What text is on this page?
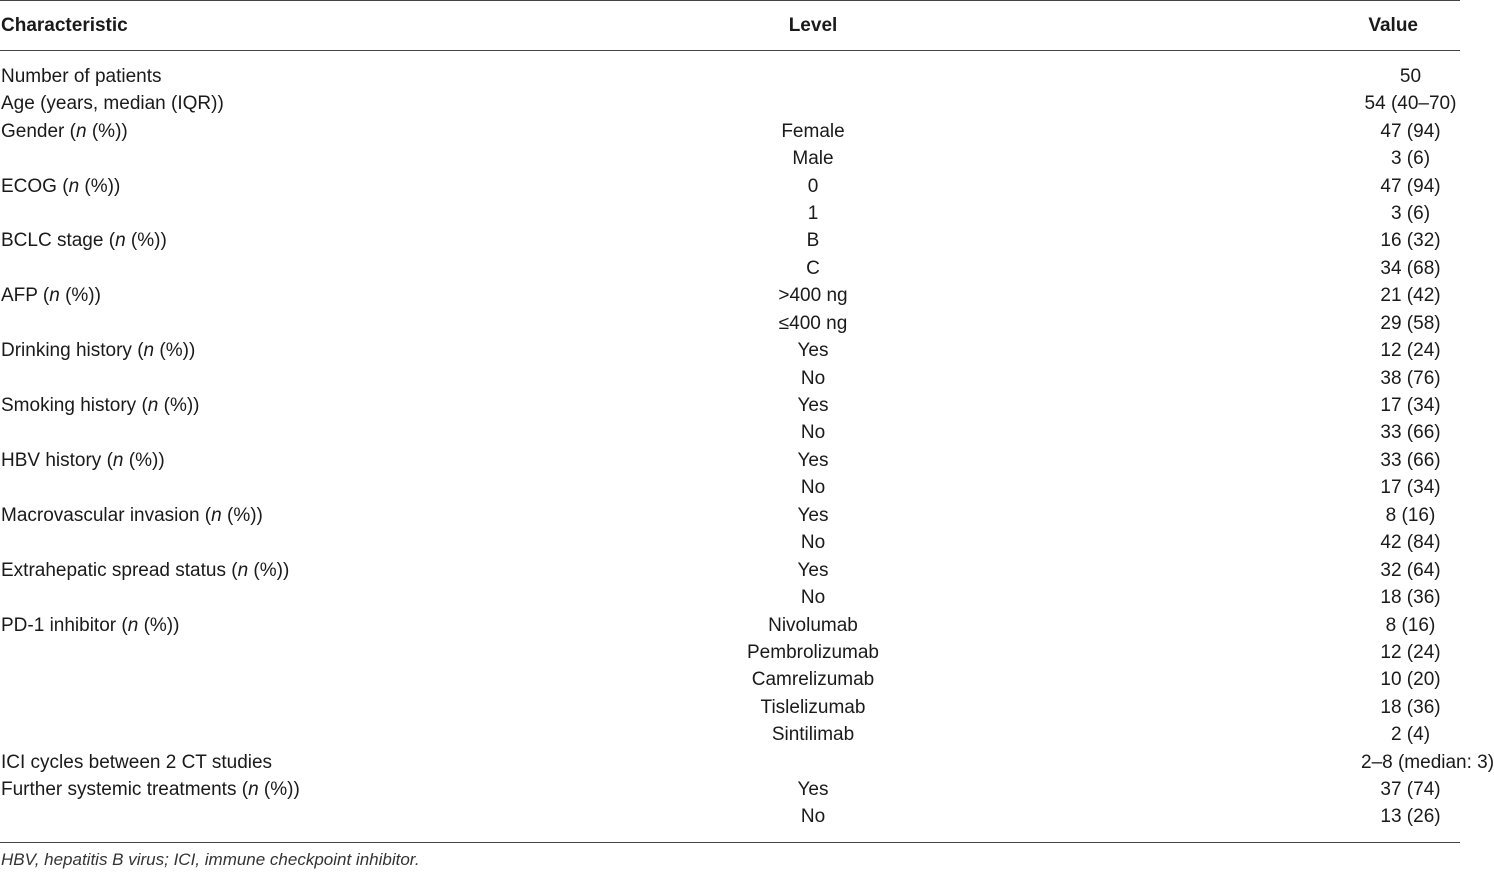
Characteristic	Level	Value
Number of patients		50
Age (years, median (IQR))		54 (40–70)
Gender (n (%))	Female	47 (94)
	Male	3 (6)
ECOG (n (%))	0	47 (94)
	1	3 (6)
BCLC stage (n (%))	B	16 (32)
	C	34 (68)
AFP (n (%))	>400 ng	21 (42)
	≤400 ng	29 (58)
Drinking history (n (%))	Yes	12 (24)
	No	38 (76)
Smoking history (n (%))	Yes	17 (34)
	No	33 (66)
HBV history (n (%))	Yes	33 (66)
	No	17 (34)
Macrovascular invasion (n (%))	Yes	8 (16)
	No	42 (84)
Extrahepatic spread status (n (%))	Yes	32 (64)
	No	18 (36)
PD-1 inhibitor (n (%))	Nivolumab	8 (16)
	Pembrolizumab	12 (24)
	Camrelizumab	10 (20)
	Tislelizumab	18 (36)
	Sintilimab	2 (4)
ICI cycles between 2 CT studies		2–8 (median: 3)
Further systemic treatments (n (%))	Yes	37 (74)
	No	13 (26)
HBV, hepatitis B virus; ICI, immune checkpoint inhibitor.
